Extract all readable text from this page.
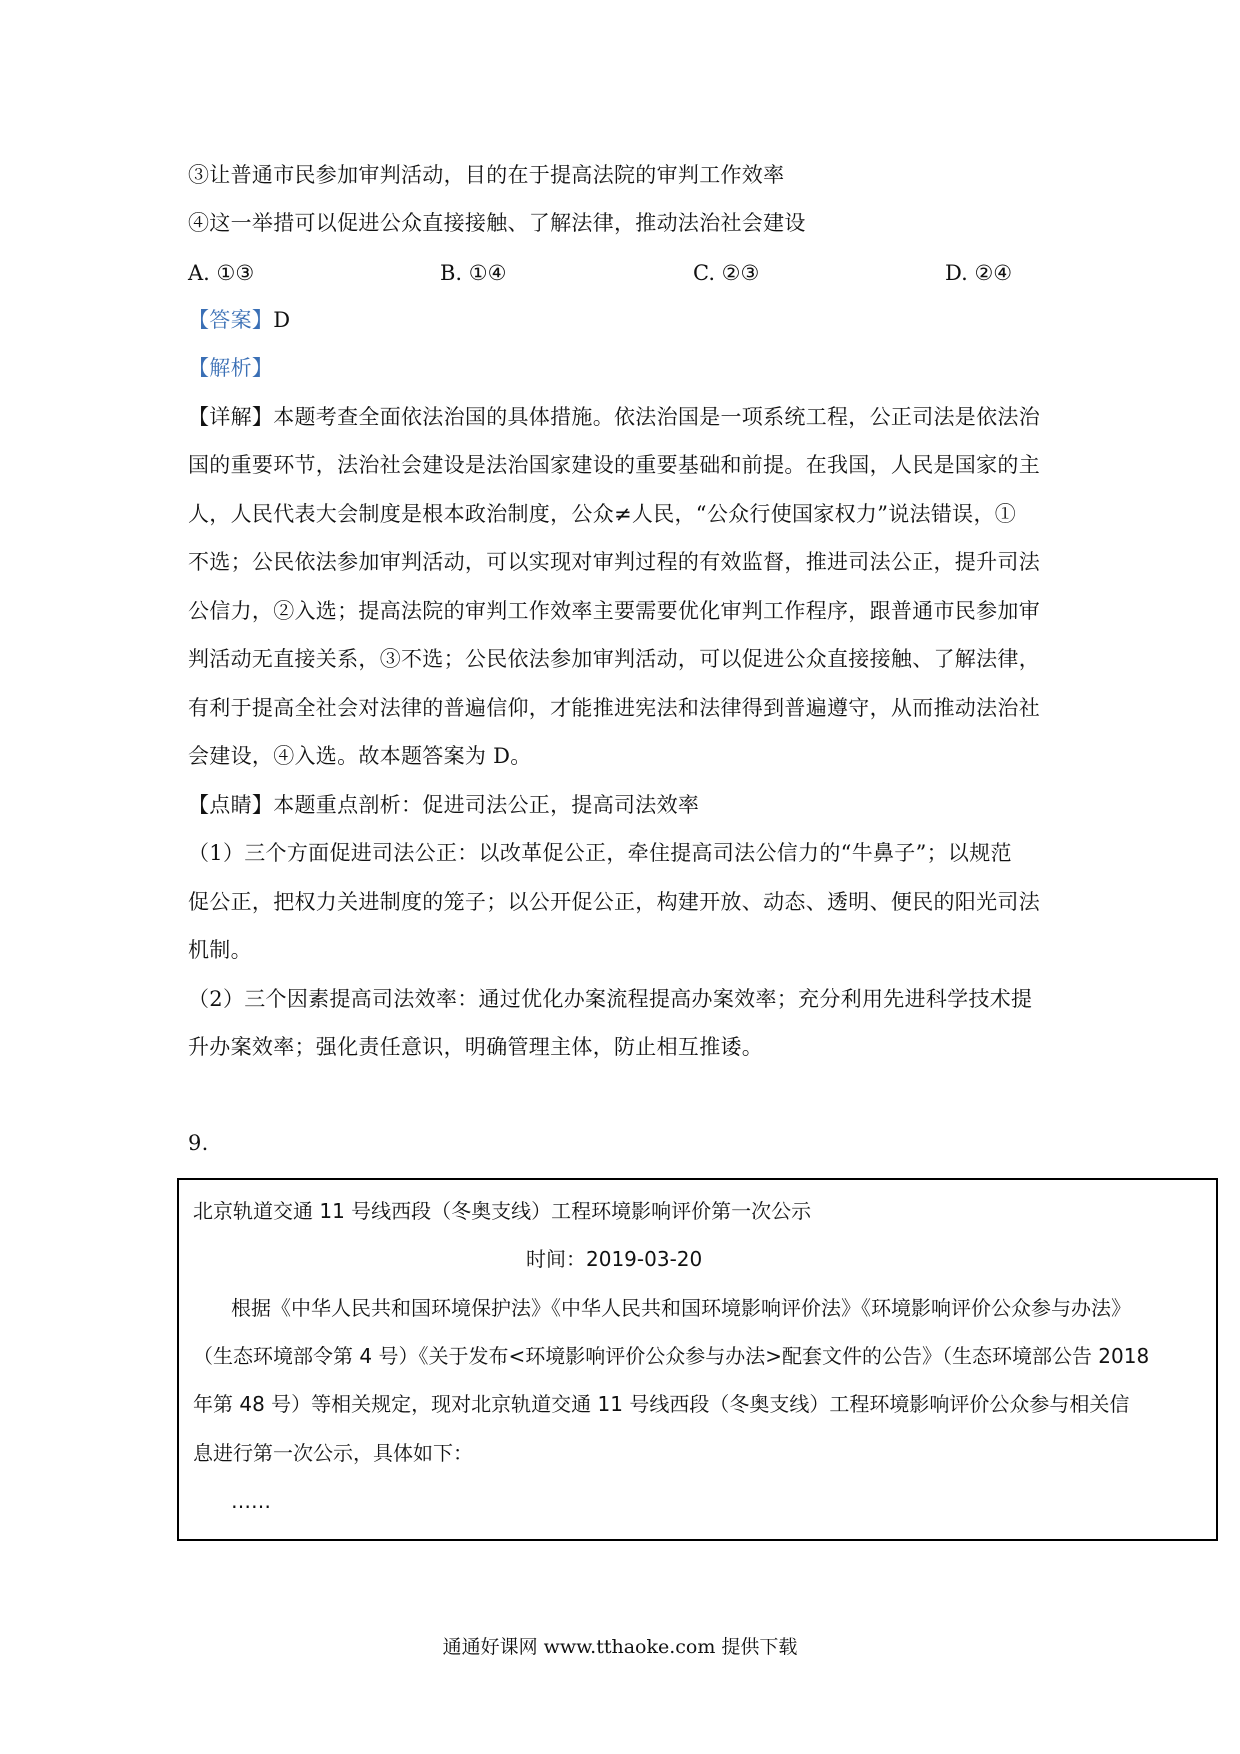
③让普通市民参加审判活动，目的在于提高法院的审判工作效率
④这一举措可以促进公众直接接触、了解法律，推动法治社会建设
A. ①③	B. ①④	C. ②③	D. ②④
【答案】D
【解析】
【详解】本题考查全面依法治国的具体措施。依法治国是一项系统工程，公正司法是依法治
国的重要环节，法治社会建设是法治国家建设的重要基础和前提。在我国，人民是国家的主
人，人民代表大会制度是根本政治制度，公众≠人民，“公众行使国家权力”说法错误，①
不选；公民依法参加审判活动，可以实现对审判过程的有效监督，推进司法公正，提升司法
公信力，②入选；提高法院的审判工作效率主要需要优化审判工作程序，跟普通市民参加审
判活动无直接关系，③不选；公民依法参加审判活动，可以促进公众直接接触、了解法律，
有利于提高全社会对法律的普遍信仰，才能推进宪法和法律得到普遍遵守，从而推动法治社
会建设，④入选。故本题答案为 D。
【点睛】本题重点剖析：促进司法公正，提高司法效率
（1）三个方面促进司法公正：以改革促公正，牵住提高司法公信力的“牛鼻子”；以规范
促公正，把权力关进制度的笼子；以公开促公正，构建开放、动态、透明、便民的阳光司法
机制。
（2）三个因素提高司法效率：通过优化办案流程提高办案效率；充分利用先进科学技术提
升办案效率；强化责任意识，明确管理主体，防止相互推诿。
9.
北京轨道交通 11 号线西段（冬奥支线）工程环境影响评价第一次公示
时间：2019-03-20
根据《中华人民共和国环境保护法》《中华人民共和国环境影响评价法》《环境影响评价公众参与办法》
（生态环境部令第 4 号）《关于发布<环境影响评价公众参与办法>配套文件的公告》（生态环境部公告 2018
年第 48 号）等相关规定，现对北京轨道交通 11 号线西段（冬奥支线）工程环境影响评价公众参与相关信
息进行第一次公示，具体如下：
……
通通好课网 www.tthaoke.com 提供下载
